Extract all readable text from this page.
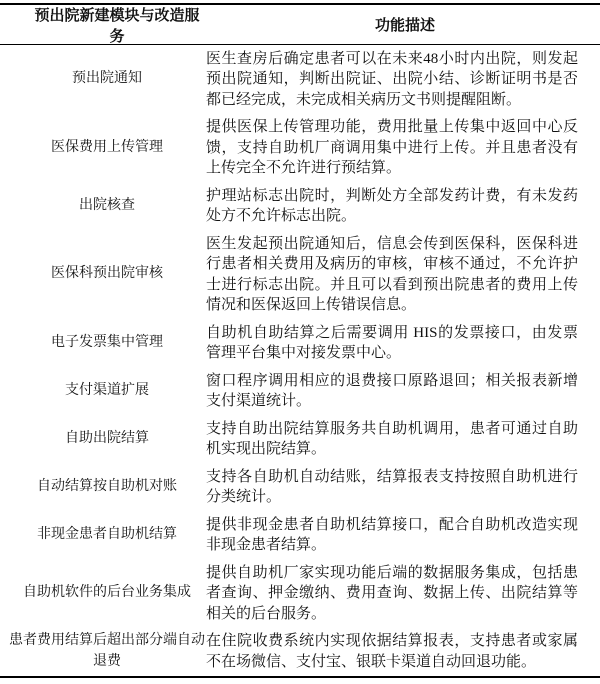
预出院新建模块与改造服务
功能描述
预出院通知
医生查房后确定患者可以在未来48小时内出院，则发起预出院通知，判断出院证、出院小结、诊断证明书是否都已经完成，未完成相关病历文书则提醒阻断。
医保费用上传管理
提供医保上传管理功能，费用批量上传集中返回中心反馈，支持自助机厂商调用集中进行上传。并且患者没有上传完全不允许进行预结算。
出院核查
护理站标志出院时，判断处方全部发药计费，有未发药处方不允许标志出院。
医保科预出院审核
医生发起预出院通知后，信息会传到医保科，医保科进行患者相关费用及病历的审核，审核不通过，不允许护士进行标志出院。并且可以看到预出院患者的费用上传情况和医保返回上传错误信息。
电子发票集中管理
自助机自助结算之后需要调用 HIS的发票接口，由发票管理平台集中对接发票中心。
支付渠道扩展
窗口程序调用相应的退费接口原路退回；相关报表新增支付渠道统计。
自助出院结算
支持自助出院结算服务共自助机调用，患者可通过自助机实现出院结算。
自动结算按自助机对账
支持各自助机自动结账，结算报表支持按照自助机进行分类统计。
非现金患者自助机结算
提供非现金患者自助机结算接口，配合自助机改造实现非现金患者结算。
自助机软件的后台业务集成
提供自助机厂家实现功能后端的数据服务集成，包括患者查询、押金缴纳、费用查询、数据上传、出院结算等相关的后台服务。
患者费用结算后超出部分端自动退费
在住院收费系统内实现依据结算报表，支持患者或家属不在场微信、支付宝、银联卡渠道自动回退功能。
